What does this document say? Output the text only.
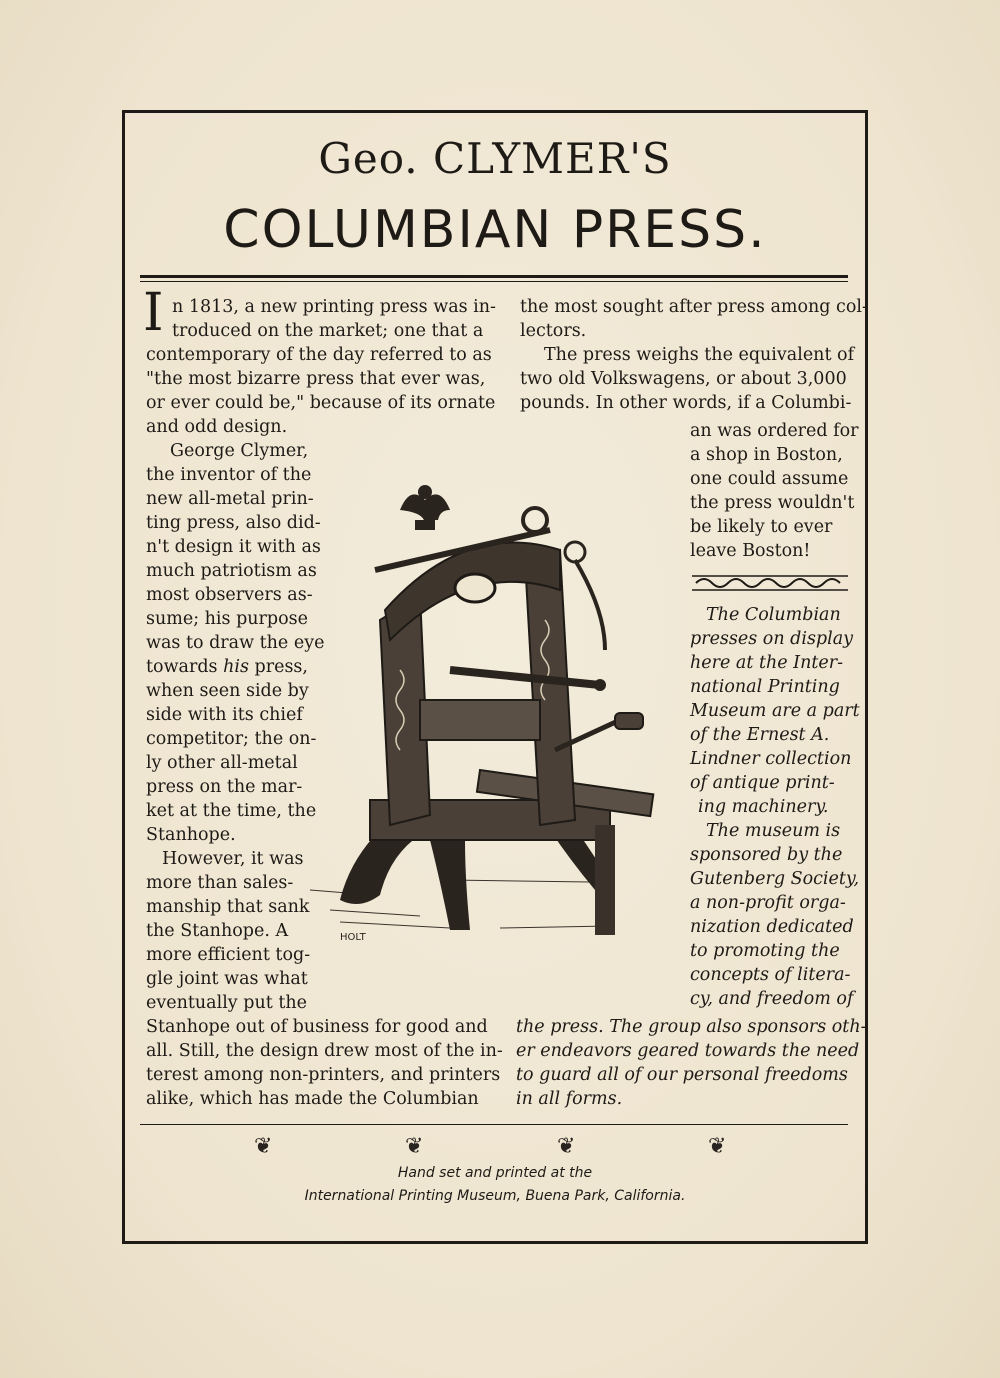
Geo. CLYMER'S
COLUMBIAN PRESS.
I n 1813, a new printing press was in-
troduced on the market; one that a
contemporary of the day referred to as
"the most bizarre press that ever was,
or ever could be," because of its ornate
and odd design.
George Clymer,
the inventor of the
new all-metal prin-
ting press, also did-
n't design it with as
much patriotism as
most observers as-
sume; his purpose
was to draw the eye
towards his press,
when seen side by
side with its chief
competitor; the on-
ly other all-metal
press on the mar-
ket at the time, the
Stanhope.
However, it was
more than sales-
manship that sank
the Stanhope. A
more efficient tog-
gle joint was what
eventually put the
Stanhope out of business for good and
all. Still, the design drew most of the in-
terest among non-printers, and printers
alike, which has made the Columbian
the most sought after press among col-
lectors.
The press weighs the equivalent of
two old Volkswagens, or about 3,000
pounds. In other words, if a Columbi-
an was ordered for
a shop in Boston,
one could assume
the press wouldn't
be likely to ever
leave Boston!
The Columbian
presses on display
here at the Inter-
national Printing
Museum are a part
of the Ernest A.
Lindner collection
of antique print-
ing machinery.
The museum is
sponsored by the
Gutenberg Society,
a non-profit orga-
nization dedicated
to promoting the
concepts of litera-
cy, and freedom of
the press. The group also sponsors oth-
er endeavors geared towards the need
to guard all of our personal freedoms
in all forms.
HOLT
❦	❦	❦	❦
Hand set and printed at the
International Printing Museum, Buena Park, California.
